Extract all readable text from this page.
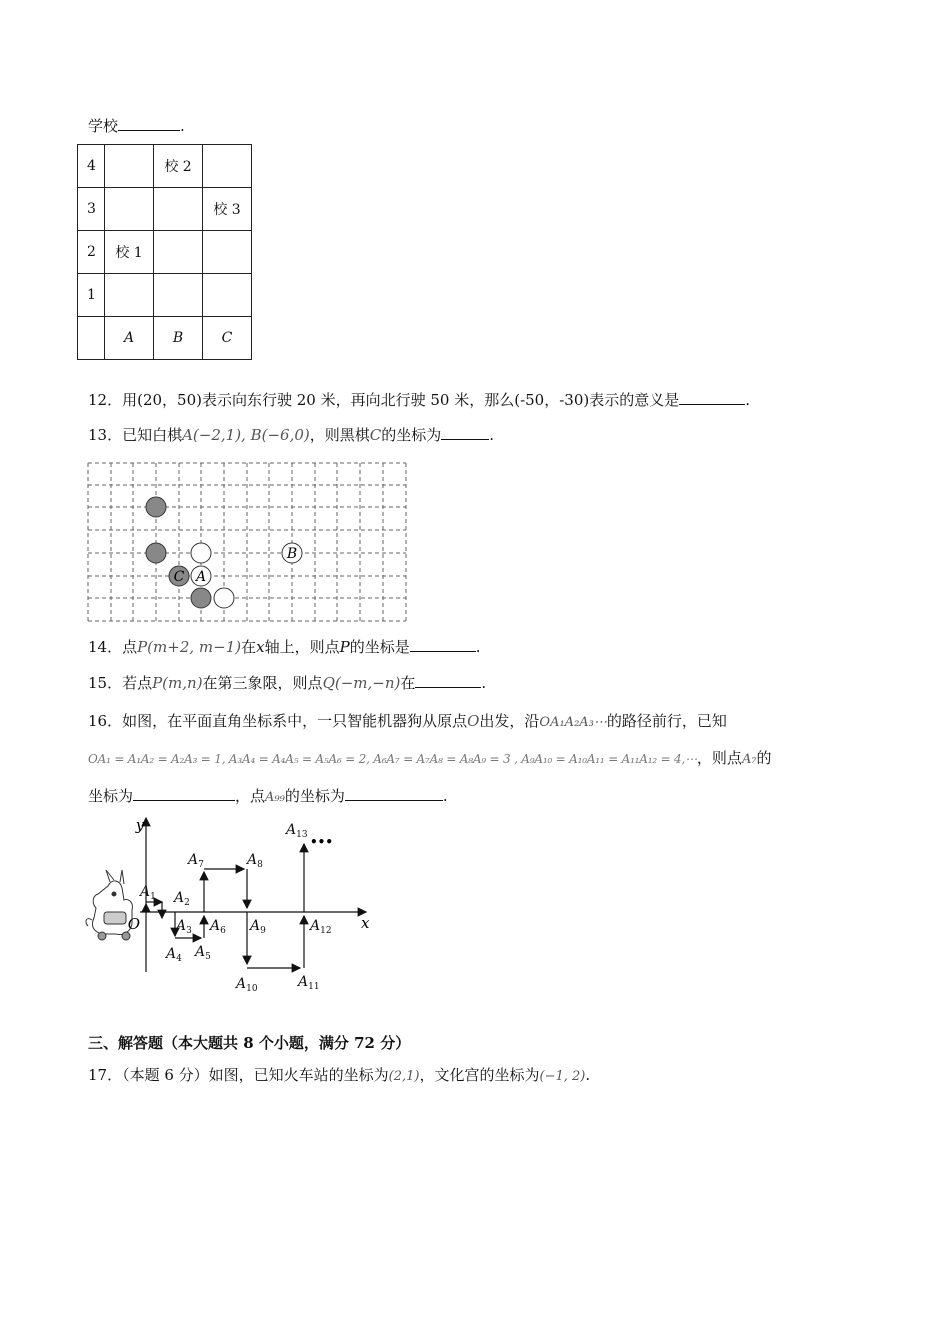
学校	.
4		校 2	
3			校 3
2	校 1		
1			
	A	B	C
12．用(20，50)表示向东行驶 20 米，再向北行驶 50 米，那么(-50，-30)表示的意义是	.
13．已知白棋A(−2,1), B(−6,0)，则黑棋C的坐标为	.
B
C A
14．点P(m+2, m−1)在x轴上，则点P的坐标是	.
15．若点P(m,n)在第三象限，则点Q(−m,−n)在	.
16．如图，在平面直角坐标系中，一只智能机器狗从原点O出发，沿OA₁A₂A₃⋯的路径前行，已知
OA₁ = A₁A₂ = A₂A₃ = 1, A₃A₄ = A₄A₅ = A₅A₆ = 2, A₆A₇ = A₇A₈ = A₈A₉ = 3 , A₉A₁₀ = A₁₀A₁₁ = A₁₁A₁₂ = 4,⋯，则点A₇的
坐标为	，点A₉₉的坐标为	.
y
x
O
$A_1$ $A_2$
$A_3$
$A_4$ $A_5$
$A_6$
$A_7$	$A_8$
$A_9$
$A_{10}$	$A_{11}$
$A_{12}$
$A_{13}$ •••
三、解答题（本大题共 8 个小题，满分 72 分）
17．（本题 6 分）如图，已知火车站的坐标为(2,1)，文化宫的坐标为(−1, 2).
